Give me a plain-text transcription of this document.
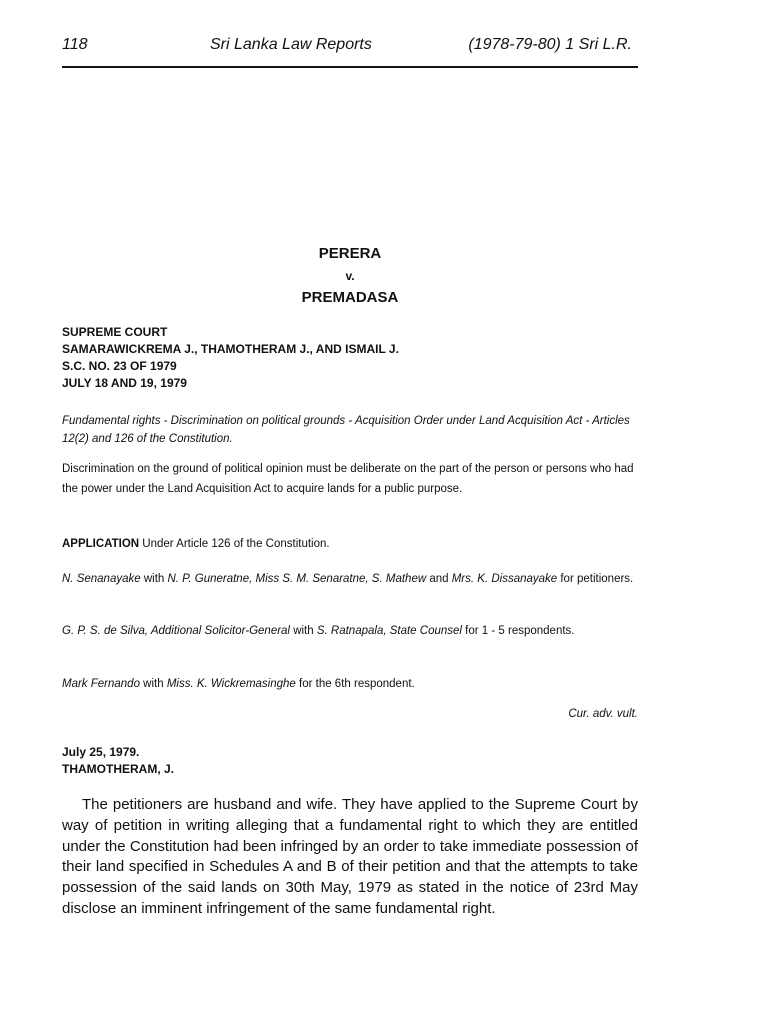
118	Sri Lanka Law Reports	(1978-79-80) 1 Sri L.R.
PERERA
v.
PREMADASA
SUPREME COURT
SAMARAWICKREMA J., THAMOTHERAM J., AND ISMAIL J.
S.C. NO. 23 OF 1979
JULY 18 AND 19, 1979
Fundamental rights - Discrimination on political grounds - Acquisition Order under Land Acquisition Act - Articles 12(2) and 126 of the Constitution.
Discrimination on the ground of political opinion must be deliberate on the part of the person or persons who had the power under the Land Acquisition Act to acquire lands for a public purpose.
APPLICATION Under Article 126 of the Constitution.
N. Senanayake with N. P. Guneratne, Miss S. M. Senaratne, S. Mathew and Mrs. K. Dissanayake for petitioners.
G. P. S. de Silva, Additional Solicitor-General with S. Ratnapala, State Counsel for 1 - 5 respondents.
Mark Fernando with Miss. K. Wickremasinghe for the 6th respondent.
Cur. adv. vult.
July 25, 1979.
THAMOTHERAM, J.
The petitioners are husband and wife. They have applied to the Supreme Court by way of petition in writing alleging that a fundamental right to which they are entitled under the Constitution had been infringed by an order to take immediate possession of their land specified in Schedules A and B of their petition and that the attempts to take possession of the said lands on 30th May, 1979 as stated in the notice of 23rd May disclose an imminent infringement of the same fundamental right.
